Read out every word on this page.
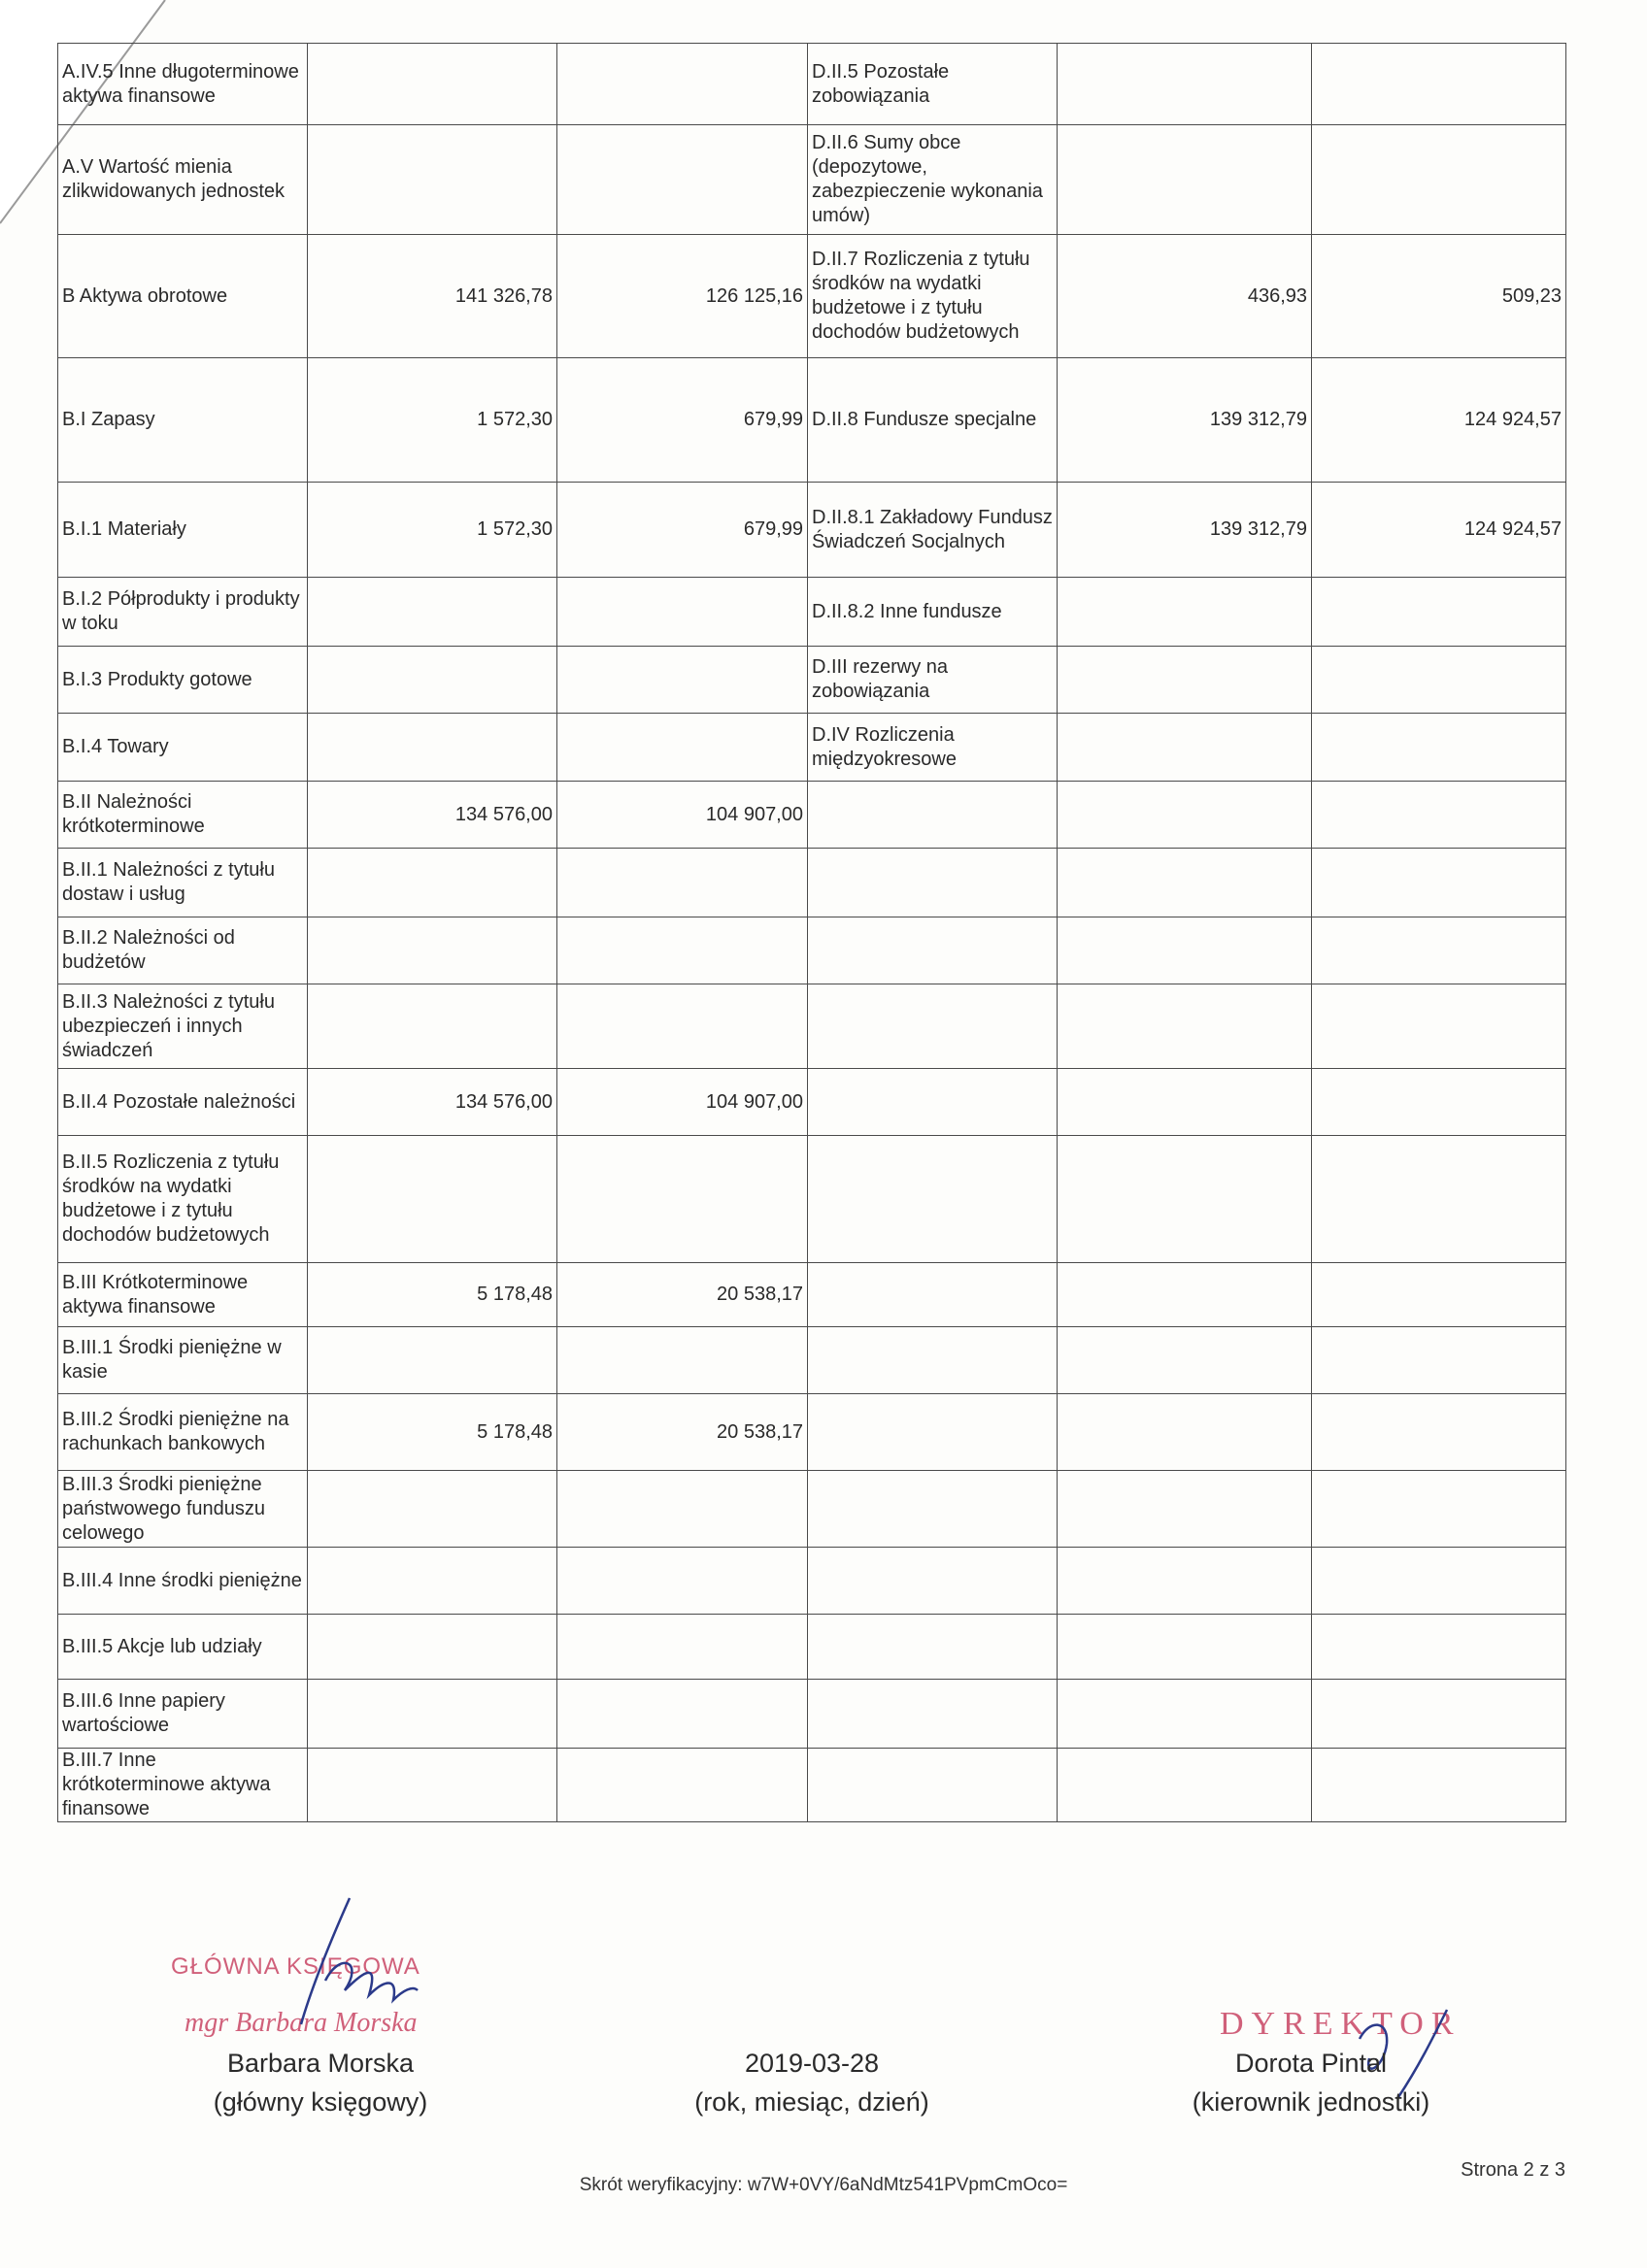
A.IV.5 Inne długoterminowe aktywa finansowe			D.II.5 Pozostałe zobowiązania		
A.V Wartość mienia zlikwidowanych jednostek			D.II.6 Sumy obce (depozytowe, zabezpieczenie wykonania umów)		
B Aktywa obrotowe	141 326,78	126 125,16	D.II.7 Rozliczenia z tytułu środków na wydatki budżetowe i z tytułu dochodów budżetowych	436,93	509,23
B.I Zapasy	1 572,30	679,99	D.II.8 Fundusze specjalne	139 312,79	124 924,57
B.I.1 Materiały	1 572,30	679,99	D.II.8.1 Zakładowy Fundusz Świadczeń Socjalnych	139 312,79	124 924,57
B.I.2 Półprodukty i produkty w toku			D.II.8.2 Inne fundusze		
B.I.3 Produkty gotowe			D.III rezerwy na zobowiązania		
B.I.4 Towary			D.IV Rozliczenia międzyokresowe		
B.II Należności krótkoterminowe	134 576,00	104 907,00			
B.II.1 Należności z tytułu dostaw i usług					
B.II.2 Należności od budżetów					
B.II.3 Należności z tytułu ubezpieczeń i innych świadczeń					
B.II.4 Pozostałe należności	134 576,00	104 907,00			
B.II.5 Rozliczenia z tytułu środków na wydatki budżetowe i z tytułu dochodów budżetowych					
B.III Krótkoterminowe aktywa finansowe	5 178,48	20 538,17			
B.III.1 Środki pieniężne w kasie					
B.III.2 Środki pieniężne na rachunkach bankowych	5 178,48	20 538,17			
B.III.3 Środki pieniężne państwowego funduszu celowego					
B.III.4 Inne środki pieniężne					
B.III.5 Akcje lub udziały					
B.III.6 Inne papiery wartościowe					
B.III.7 Inne krótkoterminowe aktywa finansowe					
GŁÓWNA KSIĘGOWA
mgr Barbara Morska
Barbara Morska
(główny księgowy)
2019-03-28
(rok, miesiąc, dzień)
DYREKTOR
Dorota Pintal
(kierownik jednostki)
Strona 2 z 3
Skrót weryfikacyjny: w7W+0VY/6aNdMtz541PVpmCmOco=
